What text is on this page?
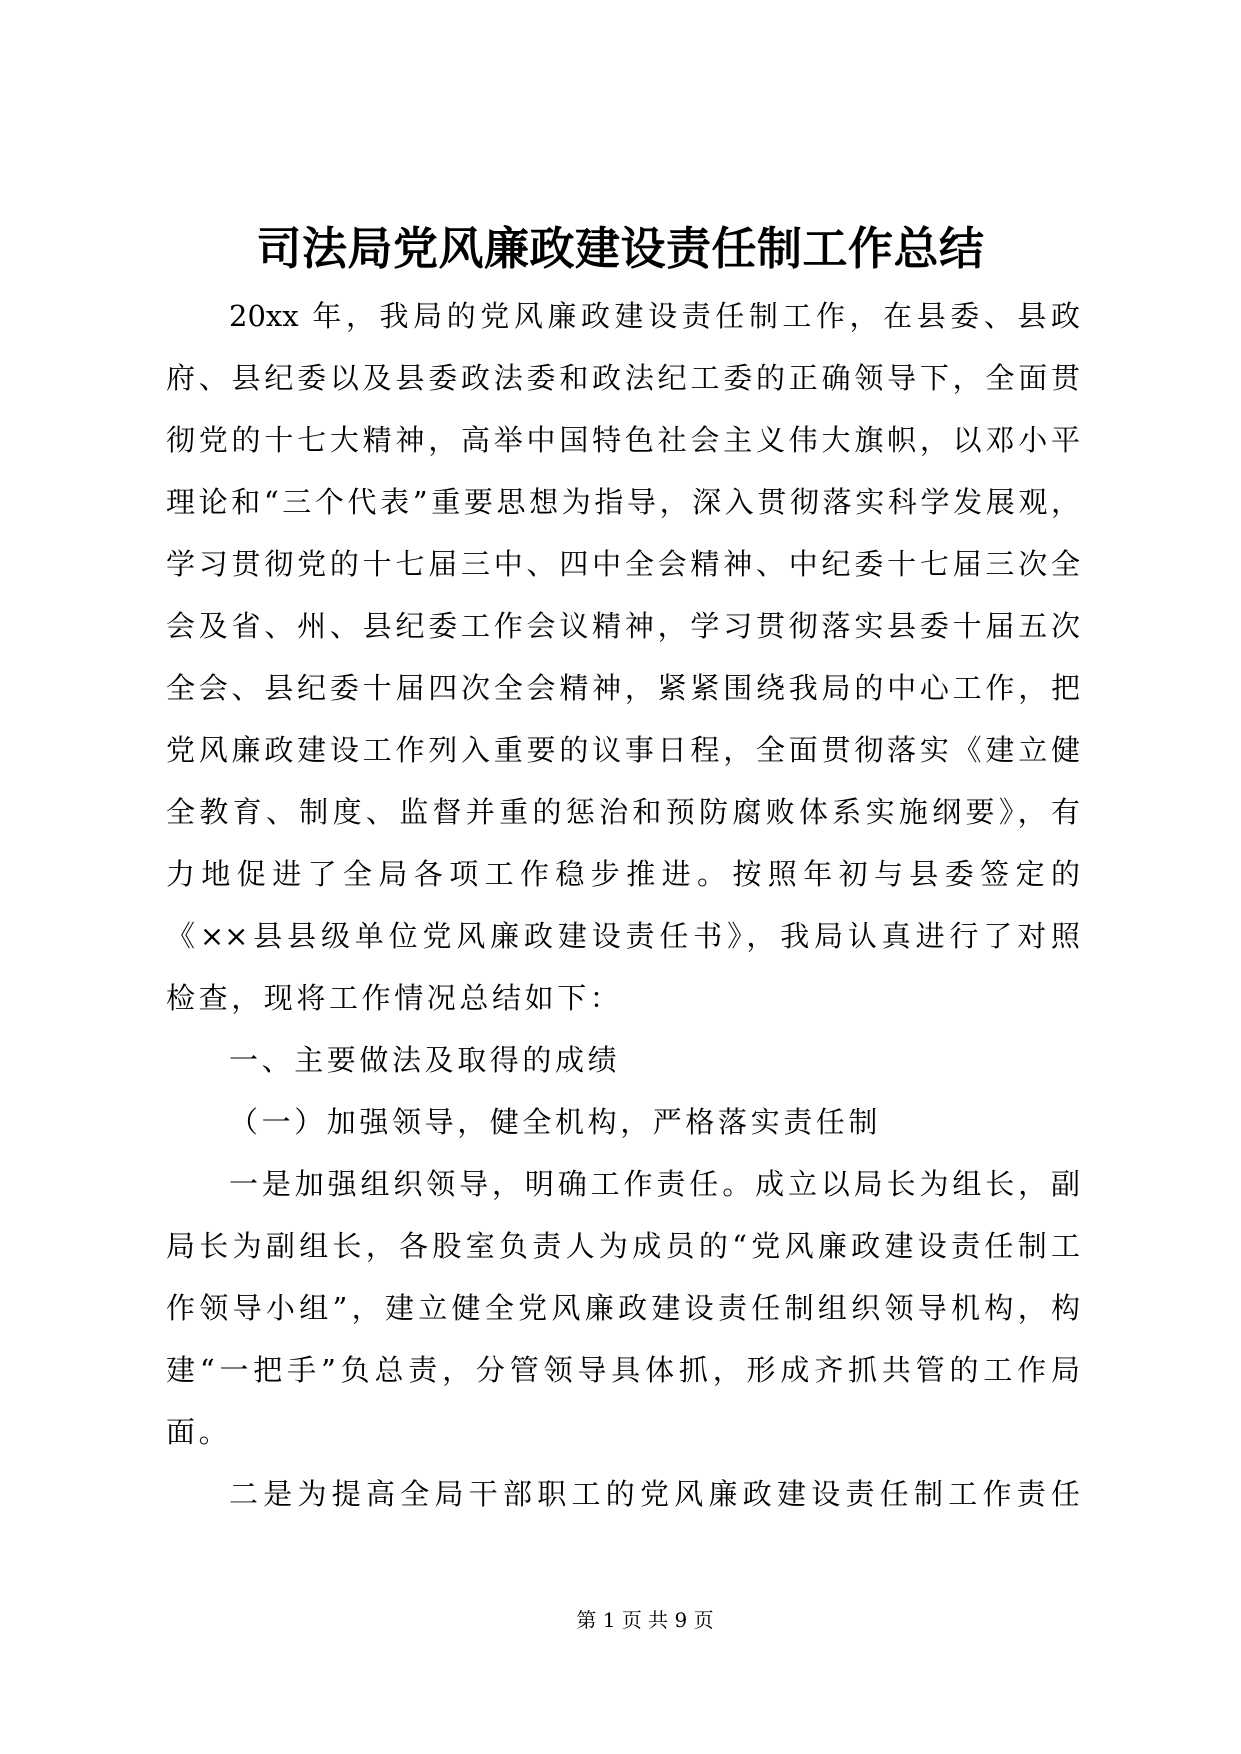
司法局党风廉政建设责任制工作总结
20xx 年，我局的党风廉政建设责任制工作，在县委、县政
府、县纪委以及县委政法委和政法纪工委的正确领导下，全面贯
彻党的十七大精神，高举中国特色社会主义伟大旗帜，以邓小平
理论和“三个代表”重要思想为指导，深入贯彻落实科学发展观，
学习贯彻党的十七届三中、四中全会精神、中纪委十七届三次全
会及省、州、县纪委工作会议精神，学习贯彻落实县委十届五次
全会、县纪委十届四次全会精神，紧紧围绕我局的中心工作，把
党风廉政建设工作列入重要的议事日程，全面贯彻落实《建立健
全教育、制度、监督并重的惩治和预防腐败体系实施纲要》，有
力地促进了全局各项工作稳步推进。按照年初与县委签定的
《××县县级单位党风廉政建设责任书》，我局认真进行了对照
检查，现将工作情况总结如下：
一、主要做法及取得的成绩
（一）加强领导，健全机构，严格落实责任制
一是加强组织领导，明确工作责任。成立以局长为组长，副
局长为副组长，各股室负责人为成员的“党风廉政建设责任制工
作领导小组”，建立健全党风廉政建设责任制组织领导机构，构
建“一把手”负总责，分管领导具体抓，形成齐抓共管的工作局
面。
二是为提高全局干部职工的党风廉政建设责任制工作责任
第 1 页 共 9 页
